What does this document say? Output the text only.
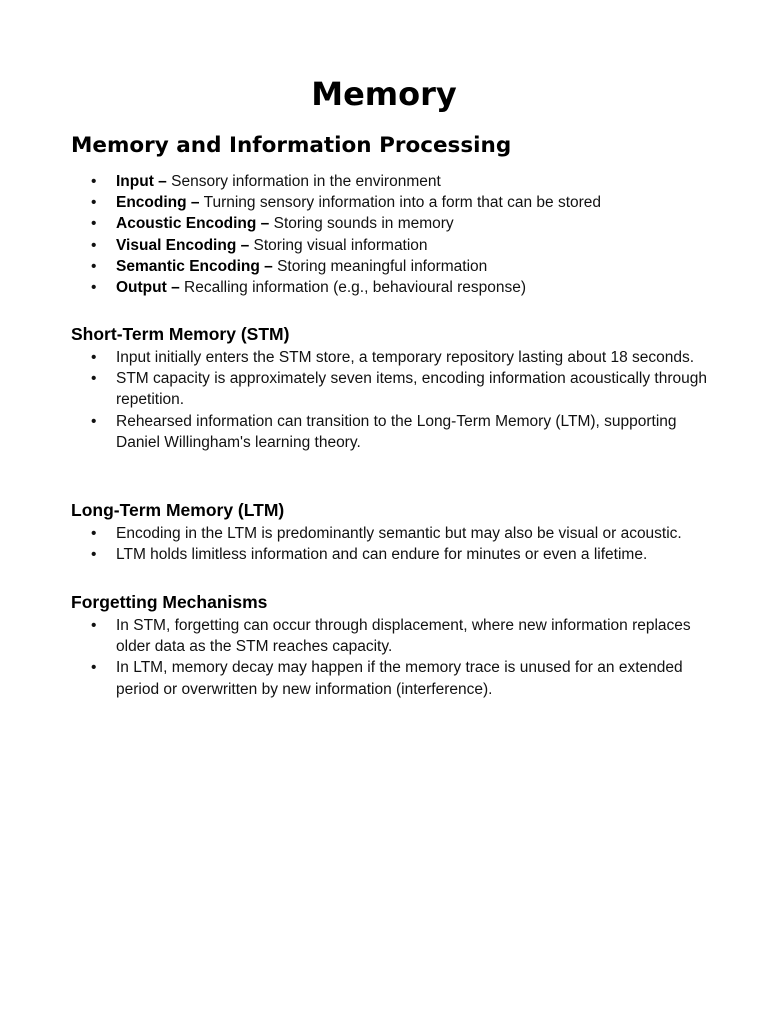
Memory
Memory and Information Processing
• Input – Sensory information in the environment
• Encoding – Turning sensory information into a form that can be stored
• Acoustic Encoding – Storing sounds in memory
• Visual Encoding – Storing visual information
• Semantic Encoding – Storing meaningful information
• Output – Recalling information (e.g., behavioural response)
Short-Term Memory (STM)
• Input initially enters the STM store, a temporary repository lasting about 18 seconds.
• STM capacity is approximately seven items, encoding information acoustically through repetition.
• Rehearsed information can transition to the Long-Term Memory (LTM), supporting Daniel Willingham's learning theory.
Long-Term Memory (LTM)
• Encoding in the LTM is predominantly semantic but may also be visual or acoustic.
• LTM holds limitless information and can endure for minutes or even a lifetime.
Forgetting Mechanisms
• In STM, forgetting can occur through displacement, where new information replaces older data as the STM reaches capacity.
• In LTM, memory decay may happen if the memory trace is unused for an extended period or overwritten by new information (interference).
